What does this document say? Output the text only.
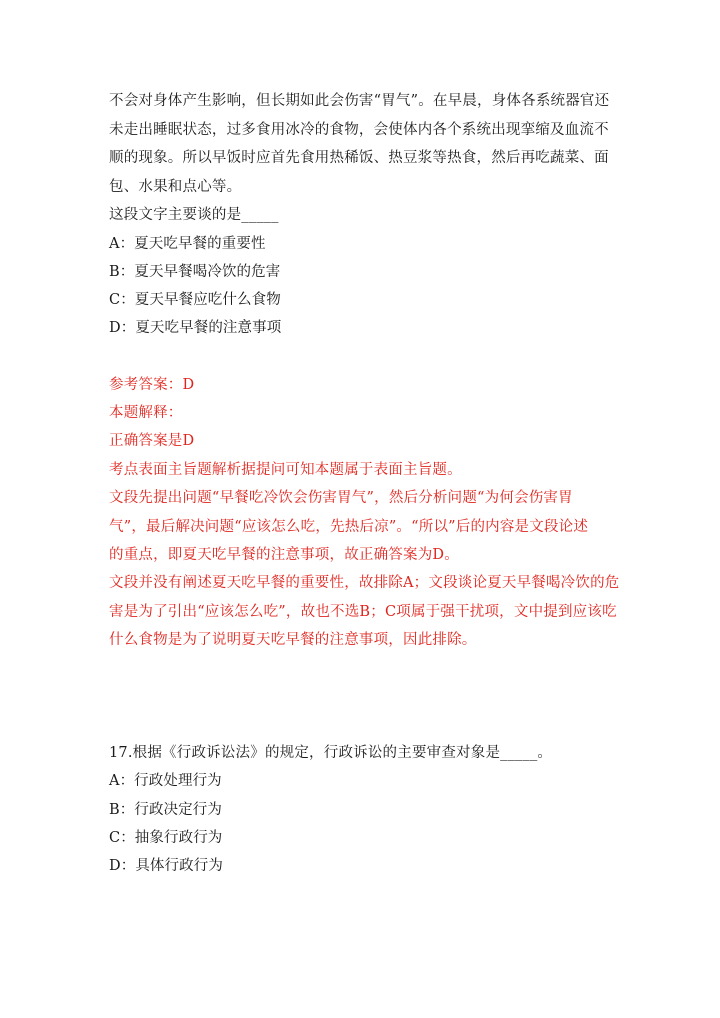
不会对身体产生影响，但长期如此会伤害“胃气”。在早晨，身体各系统器官还
未走出睡眠状态，过多食用冰冷的食物，会使体内各个系统出现挛缩及血流不
顺的现象。所以早饭时应首先食用热稀饭、热豆浆等热食，然后再吃蔬菜、面
包、水果和点心等。
这段文字主要谈的是_____
A：夏天吃早餐的重要性
B：夏天早餐喝冷饮的危害
C：夏天早餐应吃什么食物
D：夏天吃早餐的注意事项
参考答案：D
本题解释：
正确答案是D
考点表面主旨题解析据提问可知本题属于表面主旨题。
文段先提出问题“早餐吃冷饮会伤害胃气”，然后分析问题“为何会伤害胃
气”，最后解决问题“应该怎么吃，先热后凉”。“所以”后的内容是文段论述
的重点，即夏天吃早餐的注意事项，故正确答案为D。
文段并没有阐述夏天吃早餐的重要性，故排除A；文段谈论夏天早餐喝冷饮的危
害是为了引出“应该怎么吃”，故也不选B；C项属于强干扰项，文中提到应该吃
什么食物是为了说明夏天吃早餐的注意事项，因此排除。
17.根据《行政诉讼法》的规定，行政诉讼的主要审查对象是_____。
A：行政处理行为
B：行政决定行为
C：抽象行政行为
D：具体行政行为
